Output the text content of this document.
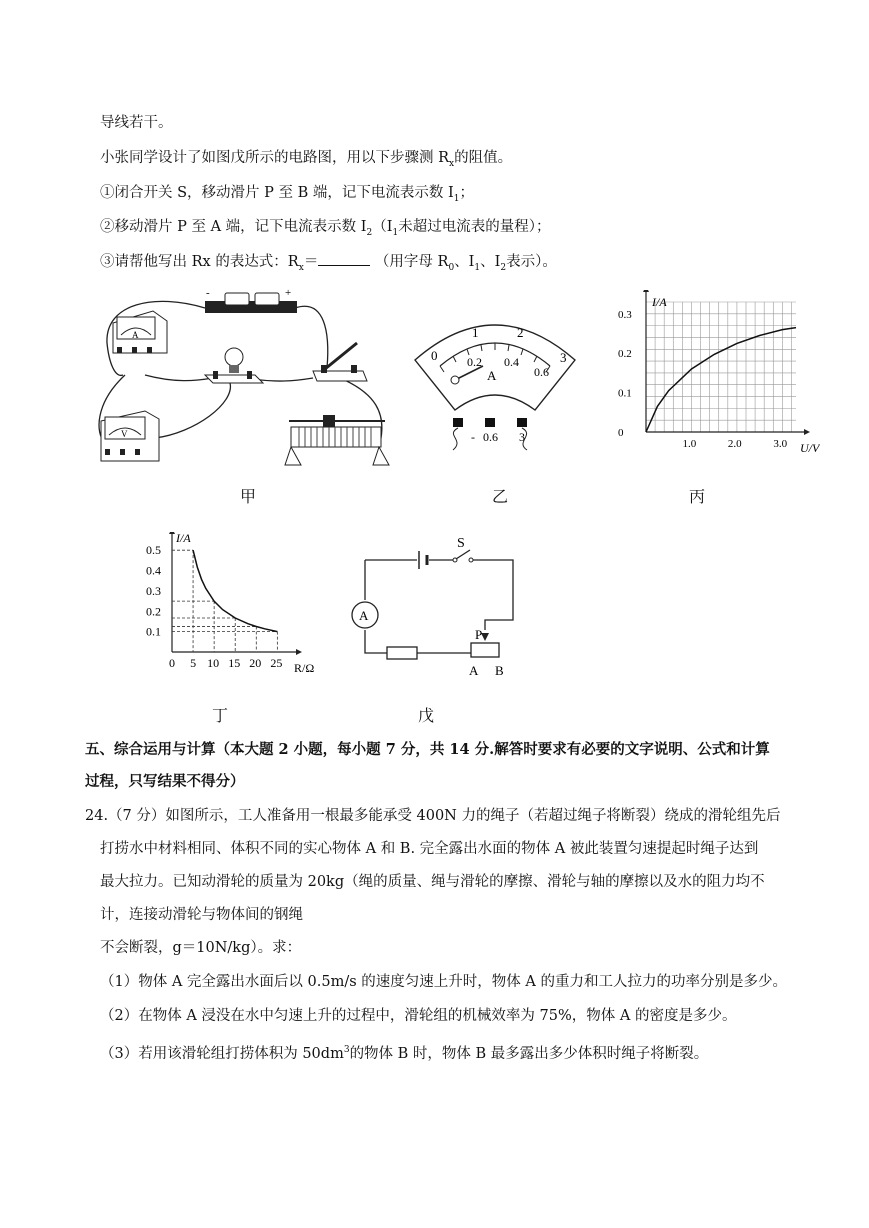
导线若干。
小张同学设计了如图戊所示的电路图，用以下步骤测 $R_x$的阻值。
①闭合开关 S，移动滑片 P 至 B 端，记下电流表示数 $I_1$；
②移动滑片 P 至 A 端，记下电流表示数 $I_2(I_1$未超过电流表的量程）；
③请帮他写出 Rx 的表达式：$R_x=$	（用字母 $R_0$、$I_1$、$I_2$表示）。
-	+
A
V
甲
0
1	2
3
0.2 0.4
0.6
A
- 0.6 3
乙
1.0	2.0	3.0
0
0.1
0.2
0.3
U/V
I/A
丙
0 5 10 15 20 25
0.1
0.2
0.3
0.4
0.5
R/Ω
I/A
丁
S
A
P
A B
戊
五、综合运用与计算（本大题 2 小题，每小题 7 分，共 14 分.解答时要求有必要的文字说明、公式和计算
过程，只写结果不得分）
24.（7 分）如图所示，工人准备用一根最多能承受 400N 力的绳子（若超过绳子将断裂）绕成的滑轮组先后
打捞水中材料相同、体积不同的实心物体 A 和 B. 完全露出水面的物体 A 被此装置匀速提起时绳子达到
最大拉力。已知动滑轮的质量为 20kg（绳的质量、绳与滑轮的摩擦、滑轮与轴的摩擦以及水的阻力均不
计，连接动滑轮与物体间的钢绳
不会断裂，g＝10N/kg）。求：
（1）物体 A 完全露出水面后以 0.5m/s 的速度匀速上升时，物体 A 的重力和工人拉力的功率分别是多少。
（2）在物体 A 浸没在水中匀速上升的过程中，滑轮组的机械效率为 75%，物体 A 的密度是多少。
（3）若用该滑轮组打捞体积为 $50dm^3$的物体 B 时，物体 B 最多露出多少体积时绳子将断裂。
